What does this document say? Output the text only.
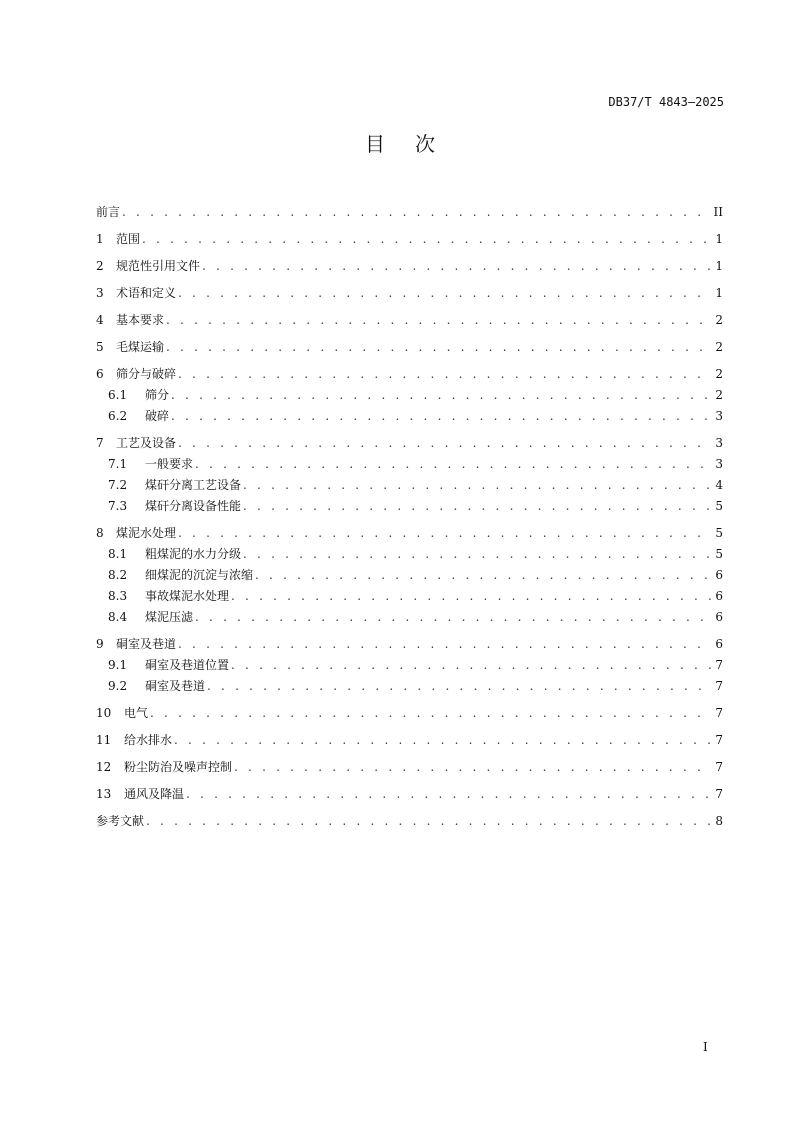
DB37/T 4843—2025
目 次
前言 . . .	II
1	范围 . . .	1
2	规范性引用文件 . . .	1
3	术语和定义 . . .	1
4	基本要求 . . .	2
5	毛煤运输 . . .	2
6	筛分与破碎 . . .	2
6.1	筛分 . . .	2
6.2	破碎 . . .	3
7	工艺及设备 . . .	3
7.1	一般要求 . . .	3
7.2	煤矸分离工艺设备 . . .	4
7.3	煤矸分离设备性能 . . .	5
8	煤泥水处理 . . .	5
8.1	粗煤泥的水力分级 . . .	5
8.2	细煤泥的沉淀与浓缩 . . .	6
8.3	事故煤泥水处理 . . .	6
8.4	煤泥压滤 . . .	6
9	硐室及巷道 . . .	6
9.1	硐室及巷道位置 . . .	7
9.2	硐室及巷道 . . .	7
10	电气 . . .	7
11	给水排水 . . .	7
12	粉尘防治及噪声控制 . . .	7
13	通风及降温 . . .	7
参考文献 . . .	8
I
